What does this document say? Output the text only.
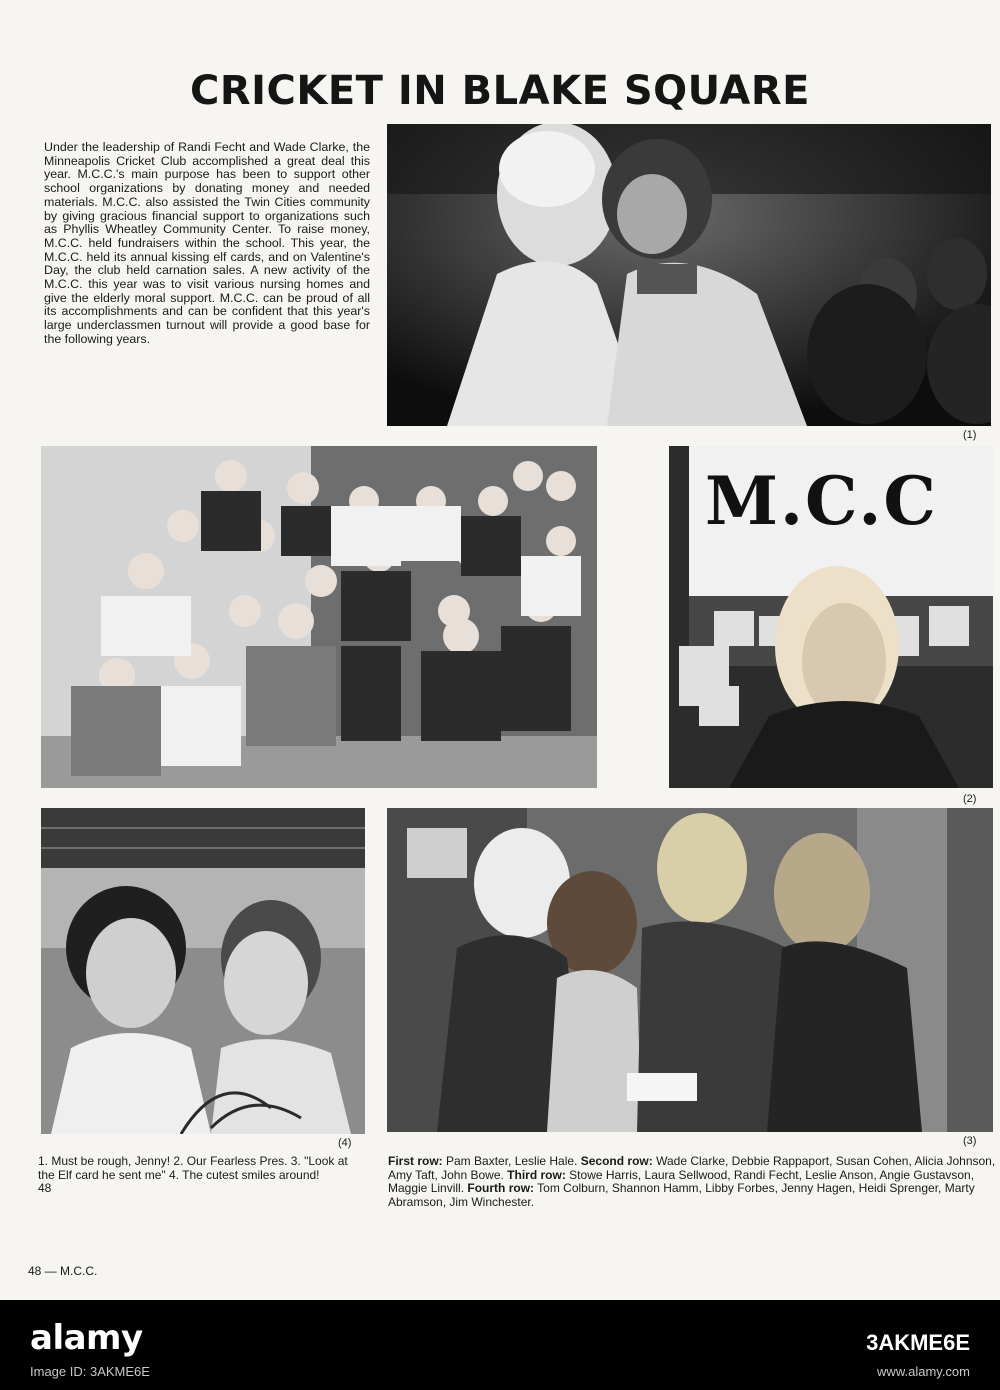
CRICKET IN BLAKE SQUARE
Under the leadership of Randi Fecht and Wade Clarke, the Minneapolis Cricket Club accomplished a great deal this year. M.C.C.'s main purpose has been to support other school organizations by donating money and needed materials. M.C.C. also assisted the Twin Cities community by giving gracious financial support to organizations such as Phyllis Wheatley Community Center. To raise money, M.C.C. held fundraisers within the school. This year, the M.C.C. held its annual kissing elf cards, and on Valentine's Day, the club held carnation sales. A new activity of the M.C.C. this year was to visit various nursing homes and give the elderly moral support. M.C.C. can be proud of all its accomplishments and can be confident that this year's large underclassmen turnout will provide a good base for the following years.
(1)
M.C.C
(2)
(4)	(3)
1. Must be rough, Jenny! 2. Our Fearless Pres. 3. "Look at the Elf card he sent me" 4. The cutest smiles around!
48
First row: Pam Baxter, Leslie Hale. Second row: Wade Clarke, Debbie Rappaport, Susan Cohen, Alicia Johnson, Amy Taft, John Bowe. Third row: Stowe Harris, Laura Sellwood, Randi Fecht, Leslie Anson, Angie Gustavson, Maggie Linvill. Fourth row: Tom Colburn, Shannon Hamm, Libby Forbes, Jenny Hagen, Heidi Sprenger, Marty Abramson, Jim Winchester.
48 — M.C.C.
alamy
Image ID: 3AKME6E
3AKME6E
www.alamy.com
